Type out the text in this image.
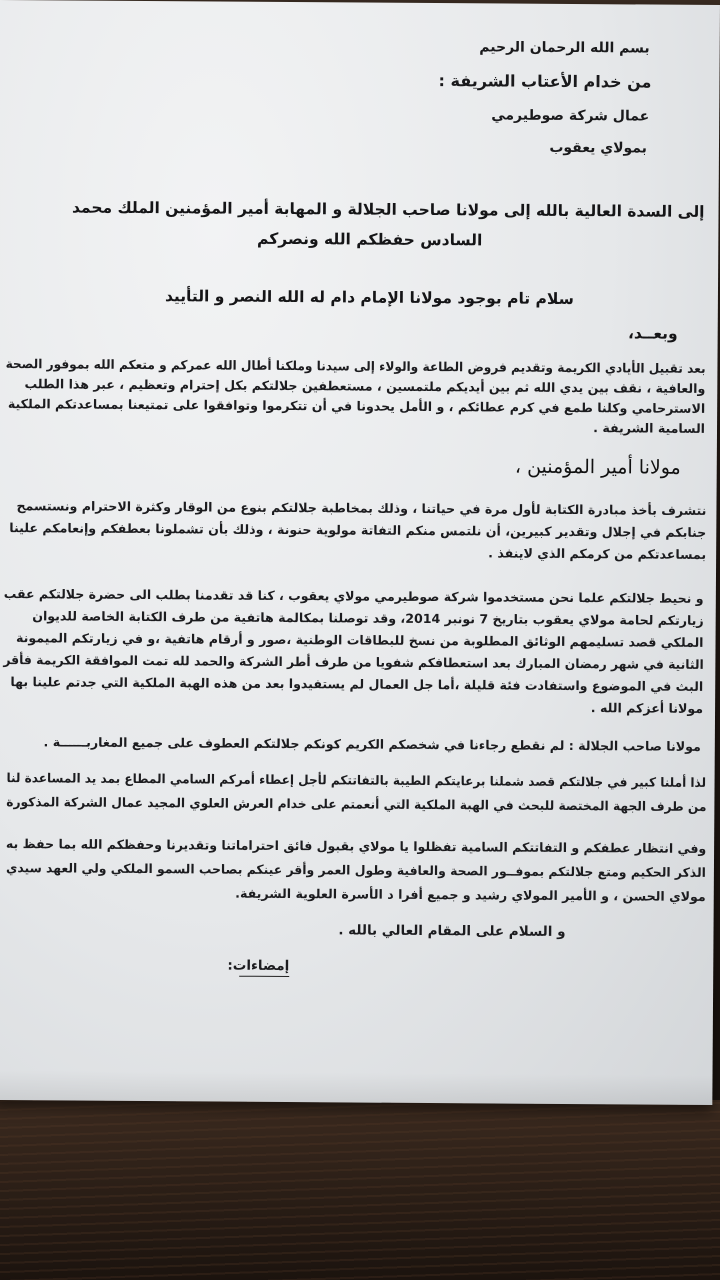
بسم الله الرحمان الرحيم
من خدام الأعتاب الشريفة :
عمال شركة صوطيرمي
بمولاي يعقوب
إلى السدة العالية بالله إلى مولانا صاحب الجلالة و المهابة أمير المؤمنين الملك محمد
السادس حفظكم الله ونصركم
سلام تام بوجود مولانا الإمام دام له الله النصر و التأييد
وبعــد،
بعد تقبيل الأيادي الكريمة وتقديم فروض الطاعة والولاء إلى سيدنا وملكنا أطال الله عمركم و متعكم الله بموفور الصحة
والعافية ، نقف بين يدي الله ثم بين أيديكم ملتمسين ، مستعطفين جلالتكم بكل إحترام وتعظيم ، عبر هذا الطلب
الاسترحامي وكلنا طمع في كرم عطائكم ، و الأمل يحدونا في أن تتكرموا وتوافقوا على تمتيعنا بمساعدتكم الملكية
السامية الشريفة .
مولانا أمير المؤمنين ،
نتشرف بأخذ مبادرة الكتابة لأول مرة في حياتنا ، وذلك بمخاطبة جلالتكم بنوع من الوقار وكثرة الاحترام ونستسمح
جنابكم في إجلال وتقدير كبيرين، أن نلتمس منكم التفاتة مولوية حنونة ، وذلك بأن تشملونا بعطفكم وإنعامكم علينا
بمساعدتكم من كرمكم الذي لاينفذ .
و نحيط جلالتكم علما نحن مستخدموا شركة صوطيرمي مولاي يعقوب ، كنا قد تقدمنا بطلب الى حضرة جلالتكم عقب
زيارتكم لحامة مولاي يعقوب بتاريخ 7 نونبر 2014، وقد توصلنا بمكالمة هاتفية من طرف الكتابة الخاصة للديوان
الملكي قصد تسليمهم الوثائق المطلوبة من نسخ للبطاقات الوطنية ،صور و أرقام هاتفية ،و في زيارتكم الميمونة
الثانية في شهر رمضان المبارك بعد استعطافكم شفويا من طرف أطر الشركة والحمد لله تمت الموافقة الكريمة فأقر
البث في الموضوع واستفادت فئة قليلة ،أما جل العمال لم يستفيدوا بعد من هذه الهبة الملكية التي جدتم علينا بها
مولانا أعزكم الله .
مولانا صاحب الجلالة : لم نقطع رجاءنا في شخصكم الكريم كونكم جلالتكم العطوف على جميع المغاربــــــة .
لذا أملنا كبير في جلالتكم قصد شملنا برعايتكم الطيبة بالتفاتتكم لأجل إعطاء أمركم السامي المطاع بمد يد المساعدة لنا
من طرف الجهة المختصة للبحث في الهبة الملكية التي أنعمتم على خدام العرش العلوي المجيد عمال الشركة المذكورة
وفي انتظار عطفكم و التفاتتكم السامية تفظلوا يا مولاي بقبول فائق احتراماتنا وتقديرنا وحفظكم الله بما حفظ به
الذكر الحكيم ومتع جلالتكم بموفــور الصحة والعافية وطول العمر وأقر عينكم بصاحب السمو الملكي ولي العهد سيدي
مولاي الحسن ، و الأمير المولاي رشيد و جميع أفرا د الأسرة العلوية الشريفة.
و السلام على المقام العالي بالله .
إمضاءات:
